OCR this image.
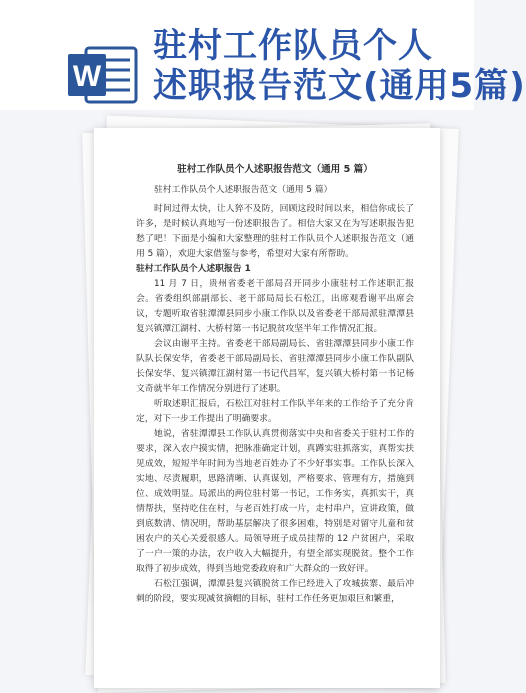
W
驻村工作队员个人
述职报告范文(通用5篇)

驻村工作队员个人述职报告范文（通用 5 篇）

驻村工作队员个人述职报告范文（通用 5 篇）

时间过得太快，让人猝不及防，回顾这段时间以来，相信你成长了许多，是时候认真地写一份述职报告了。相信大家又在为写述职报告犯愁了吧！下面是小编和大家整理的驻村工作队员个人述职报告范文（通用 5 篇），欢迎大家借鉴与参考，希望对大家有所帮助。

驻村工作队员个人述职报告 1

11 月 7 日，贵州省委老干部局召开同步小康驻村工作述职汇报会。省委组织部副部长、老干部局局长石松江，出席观看谢平出席会议，专题听取省驻潭潭县同步小康工作队以及省委老干部局派驻潭潭县复兴镇潭江湖村、大桥村第一书记脱贫攻坚半年工作情况汇报。

会议由谢平主持。省委老干部局副局长、省驻潭潭县同步小康工作队队长保安华，省委老干部局副局长、省驻潭潭县同步小康工作队副队长保安华、复兴镇潭江湖村第一书记代昌军，复兴镇大桥村第一书记杨文奇就半年工作情况分别进行了述职。

听取述职汇报后，石松江对驻村工作队半年来的工作给予了充分肯定，对下一步工作提出了明确要求。

她说，省驻潭潭县工作队认真贯彻落实中央和省委关于驻村工作的要求，深入农户摸实情，把脉准确定计划，真蹲实驻抓落实，真帮实扶见成效，短短半年时间为当地老百姓办了不少好事实事。工作队长深入实地、尽责履职，思路清晰、认真谋划，严格要求、管理有方，措施到位、成效明显。局派出的两位驻村第一书记，工作务实，真抓实干，真情帮扶，坚持吃住在村，与老百姓打成一片，走村串户，宣讲政策，做到底数清、情况明，帮助基层解决了很多困难，特别是对留守儿童和贫困农户的关心关爱很感人。局领导班子成员挂帮的 12 户贫困户，采取了一户一策的办法，农户收入大幅提升，有望全部实现脱贫。整个工作取得了初步成效，得到当地党委政府和广大群众的一致好评。

石松江强调，潭潭县复兴镇脱贫工作已经进入了攻城拔寨、最后冲刺的阶段，要实现减贫摘帽的目标，驻村工作任务更加艰巨和繁重，
